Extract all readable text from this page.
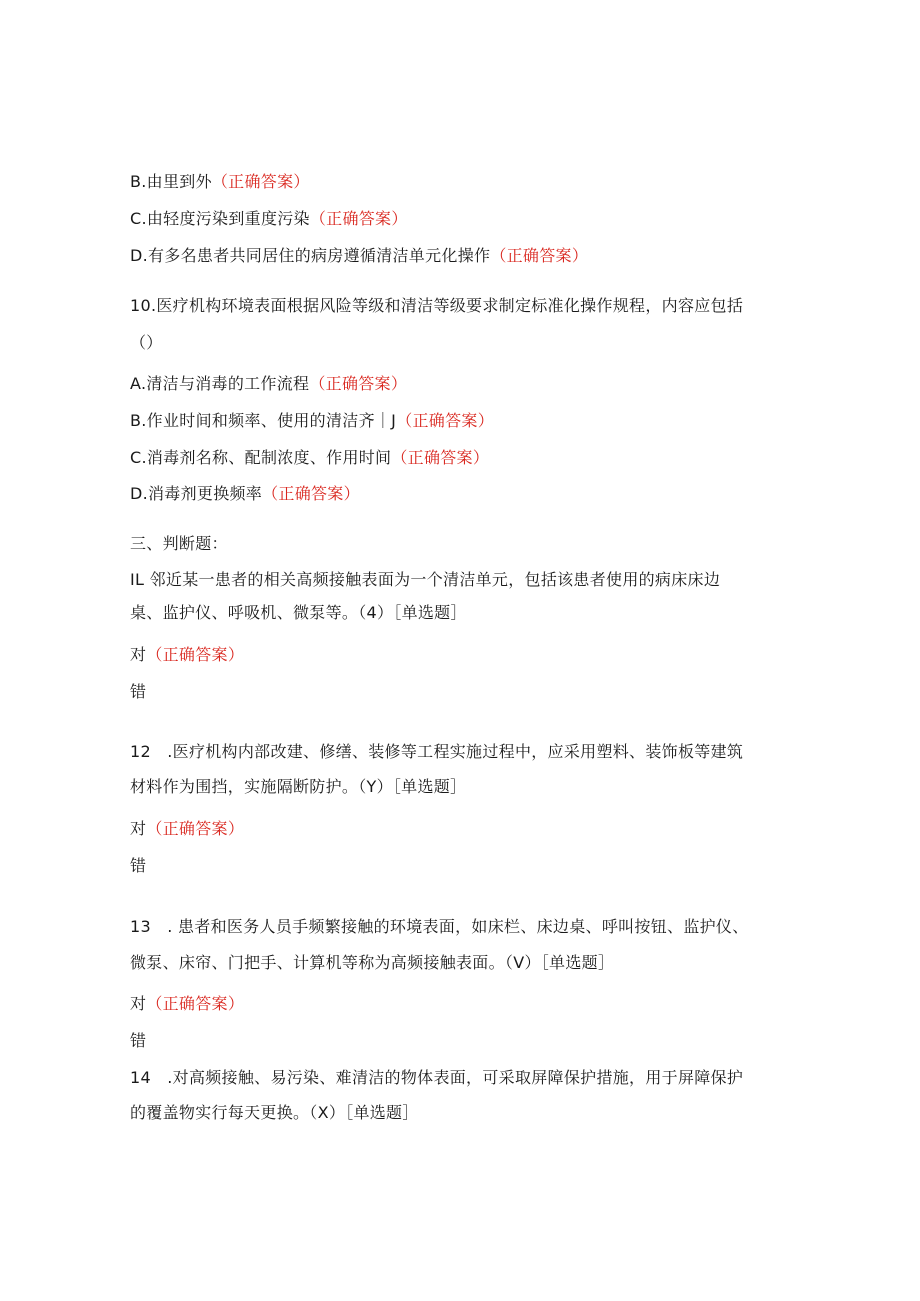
B.由里到外（正确答案）
C.由轻度污染到重度污染（正确答案）
D.有多名患者共同居住的病房遵循清洁单元化操作（正确答案）
10.医疗机构环境表面根据风险等级和清洁等级要求制定标准化操作规程，内容应包括
（）
A.清洁与消毒的工作流程（正确答案）
B.作业时间和频率、使用的清洁齐｜J（正确答案）
C.消毒剂名称、配制浓度、作用时间（正确答案）
D.消毒剂更换频率（正确答案）
三、判断题：
IL 邻近某一患者的相关高频接触表面为一个清洁单元，包括该患者使用的病床床边
桌、监护仪、呼吸机、微泵等。（4）［单选题］
对（正确答案）
错
12　.医疗机构内部改建、修缮、装修等工程实施过程中，应采用塑料、装饰板等建筑
材料作为围挡，实施隔断防护。（Y）［单选题］
对（正确答案）
错
13　. 患者和医务人员手频繁接触的环境表面，如床栏、床边桌、呼叫按钮、监护仪、
微泵、床帘、门把手、计算机等称为高频接触表面。（V）［单选题］
对（正确答案）
错
14　.对高频接触、易污染、难清洁的物体表面，可采取屏障保护措施，用于屏障保护
的覆盖物实行每天更换。（X）［单选题］
